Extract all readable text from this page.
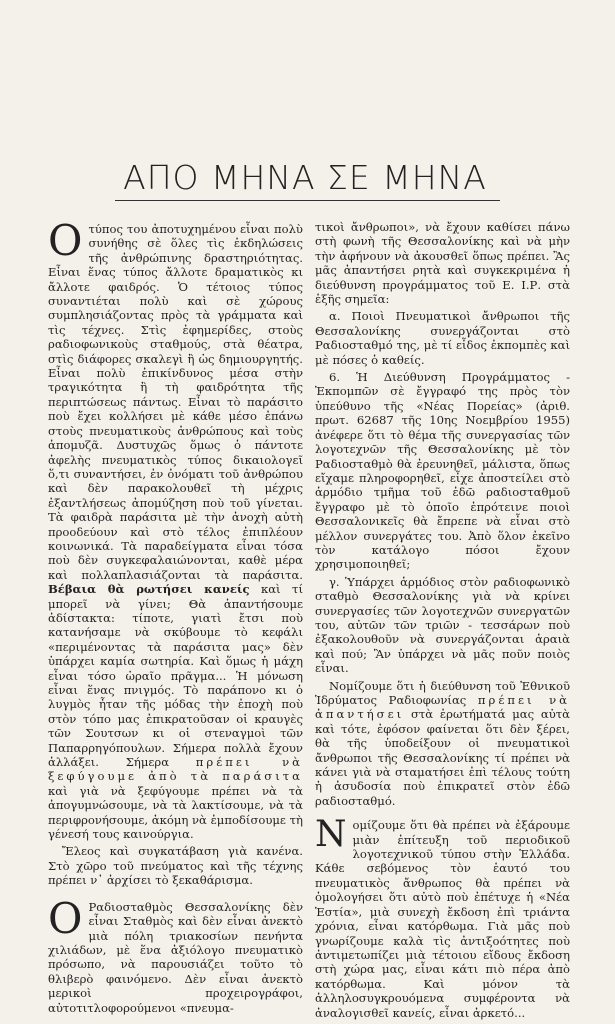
ΑΠΟ ΜΗΝΑ ΣΕ ΜΗΝΑ

Ο τύπος του ἀποτυχημένου εἶναι πολὺ συνήθης σὲ ὅλες τὶς ἐκδηλώσεις τῆς ἀνθρώπινης δραστηριότητας. Εἶναι ἕνας τύπος ἄλλοτε δραματικὸς κι ἄλλοτε φαιδρός. Ὁ τέτοιος τύπος συναντιέται πολὺ καὶ σὲ χώρους συμπλησιάζοντας πρὸς τὰ γράμματα καὶ τὶς τέχνες. Στὶς ἐφημερίδες, στοὺς ραδιοφωνικοὺς σταθμούς, στὰ θέατρα, στὶς διάφορες σκαλεγὶ ἢ ὡς δημιουργητής. Εἶναι πολὺ ἐπικίνδυνος μέσα στὴν τραγικότητα ἢ τὴ φαιδρότητα τῆς περιπτώσεως πάντως. Εἶναι τὸ παράσιτο ποὺ ἔχει κολλήσει μὲ κάθε μέσο ἐπάνω στοὺς πνευματικοὺς ἀνθρώπους καὶ τοὺς ἀπομυζᾶ. Δυστυχῶς ὅμως ὁ πάντοτε ἀφελὴς πνευματικὸς τύπος δικαιολογεῖ ὅ,τι συναντήσει, ἐν ὀνόματι τοῦ ἀνθρώπου καὶ δὲν παρακολουθεῖ τὴ μέχρις ἐξαντλήσεως ἀπομύζηση ποὺ τοῦ γίνεται. Τὰ φαιδρὰ παράσιτα μὲ τὴν ἀνοχὴ αὐτὴ προοδεύουν καὶ στὸ τέλος ἐπιπλέουν κοινωνικά. Τὰ παραδείγματα εἶναι τόσα ποὺ δὲν συγκεφαλαιώνονται, καθὲ μέρα καὶ πολλαπλασιάζονται τὰ παράσιτα. Βέβαια θὰ ρωτήσει κανείς καὶ τί μπορεῖ νὰ γίνει; Θὰ ἀπαντήσουμε ἀδίστακτα: τίποτε, γιατὶ ἔτσι ποὺ κατανήσαμε νὰ σκύβουμε τὸ κεφάλι «περιμένοντας τὰ παράσιτα μας» δὲν ὑπάρχει καμία σωτηρία. Καὶ ὅμως ἡ μάχη εἶναι τόσο ὡραῖο πρᾶγμα... Ἡ μόνωση εἶναι ἕνας πνιγμός. Τὸ παράπονο κι ὁ λυγμὸς ἦταν τῆς μόδας τὴν ἐποχὴ ποὺ στὸν τόπο μας ἐπικρατοῦσαν οἱ κραυγὲς τῶν Σουτσων κι οἱ στεναγμοὶ τῶν Παπαρρηγόπουλων. Σήμερα πολλὰ ἔχουν ἀλλάξει. Σήμερα πρέπει νὰ ξεφύγουμε ἀπὸ τὰ παράσιτα καὶ γιὰ νὰ ξεφύγουμε πρέπει νὰ τὰ ἀπογυμνώσουμε, νὰ τὰ λακτίσουμε, νὰ τὰ περιφρονήσουμε, ἀκόμη νὰ ἐμποδίσουμε τὴ γένεσή τους καινούργια.

Ἔλεος καὶ συγκατάβαση γιὰ κανένα. Στὸ χῶρο τοῦ πνεύματος καὶ τῆς τέχνης πρέπει ν᾽ ἀρχίσει τὸ ξεκαθάρισμα.

Ο Ραδιοσταθμὸς Θεσσαλονίκης δὲν εἶναι Σταθμὸς καὶ δὲν εἶναι ἀνεκτὸ μιὰ πόλη τριακοσίων πενήντα χιλιάδων, μὲ ἕνα ἀξιόλογο πνευματικὸ πρόσωπο, νὰ παρουσιάζει τοῦτο τὸ θλιβερὸ φαινόμενο. Δὲν εἶναι ἀνεκτὸ μερικοὶ προχειρογράφοι, αὐτοτιτλοφορούμενοι «πνευμα-

τικοὶ ἄνθρωποι», νὰ ἔχουν καθίσει πάνω στὴ φωνὴ τῆς Θεσσαλονίκης καὶ νὰ μὴν τὴν ἀφήνουν νὰ ἀκουσθεῖ ὅπως πρέπει. Ἂς μᾶς ἀπαντήσει ρητὰ καὶ συγκεκριμένα ἡ διεύθυνση προγράμματος τοῦ Ε. Ι.Ρ. στὰ ἑξῆς σημεῖα:

α. Ποιοὶ Πνευματικοὶ ἄνθρωποι τῆς Θεσσαλονίκης συνεργάζονται στὸ Ραδιοσταθμό της, μὲ τί εἶδος ἐκπομπὲς καὶ μὲ πόσες ὁ καθείς.

6. Ἡ Διεύθυνση Προγράμματος - Ἐκπομπῶν σὲ ἔγγραφό της πρὸς τὸν ὑπεύθυνο τῆς «Νέας Πορείας» (ἀριθ. πρωτ. 62687 τῆς 10ης Νοεμβρίου 1955) ἀνέφερε ὅτι τὸ θέμα τῆς συνεργασίας τῶν λογοτεχνῶν τῆς Θεσσαλονίκης μὲ τὸν Ραδιοσταθμὸ θὰ ἐρευνηθεῖ, μάλιστα, ὅπως εἴχαμε πληροφορηθεῖ, εἶχε ἀποστείλει στὸ ἁρμόδιο τμῆμα τοῦ ἐδῶ ραδιοσταθμοῦ ἔγγραφο μὲ τὸ ὁποῖο ἐπρότεινε ποιοὶ Θεσσαλονικεῖς θὰ ἔπρεπε νὰ εἶναι στὸ μέλλον συνεργάτες του. Ἀπὸ ὅλον ἐκεῖνο τὸν κατάλογο πόσοι ἔχουν χρησιμοποιηθεῖ;

γ. Ὑπάρχει ἁρμόδιος στὸν ραδιοφωνικὸ σταθμὸ Θεσσαλονίκης γιὰ νὰ κρίνει συνεργασίες τῶν λογοτεχνῶν συνεργατῶν του, αὐτῶν τῶν τριῶν - τεσσάρων ποὺ ἐξακολουθοῦν νὰ συνεργάζονται ἀραιὰ καὶ πού; Ἂν ὑπάρχει νὰ μᾶς ποῦν ποιὸς εἶναι.

Νομίζουμε ὅτι ἡ διεύθυνση τοῦ Ἐθνικοῦ Ἱδρύματος Ραδιοφωνίας πρέπει νὰ ἀπαντήσει στὰ ἐρωτήματά μας αὐτὰ καὶ τότε, ἐφόσον φαίνεται ὅτι δὲν ξέρει, θὰ τῆς ὑποδείξουν οἱ πνευματικοὶ ἄνθρωποι τῆς Θεσσαλονίκης τί πρέπει νὰ κάνει γιὰ νὰ σταματήσει ἐπὶ τέλους τούτη ἡ ἀσυδοσία ποὺ ἐπικρατεῖ στὸν ἐδῶ ραδιοσταθμό.

Ν ομίζουμε ὅτι θὰ πρέπει νὰ ἐξάρουμε μιὰν ἐπίτευξη τοῦ περιοδικοῦ λογοτεχνικοῦ τύπου στὴν Ἑλλάδα. Κάθε σεβόμενος τὸν ἑαυτό του πνευματικὸς ἄνθρωπος θὰ πρέπει νὰ ὁμολογήσει ὅτι αὐτὸ ποὺ ἐπέτυχε ἡ «Νέα Ἑστία», μιὰ συνεχὴ ἔκδοση ἐπὶ τριάντα χρόνια, εἶναι κατόρθωμα. Γιὰ μᾶς ποὺ γνωρίζουμε καλὰ τὶς ἀντιξοότητες ποὺ ἀντιμετωπίζει μιὰ τέτοιου εἴδους ἔκδοση στὴ χώρα μας, εἶναι κάτι πιὸ πέρα ἀπὸ κατόρθωμα. Καὶ μόνον τὰ ἀλληλοσυγκρουόμενα συμφέροντα νὰ ἀναλογισθεῖ κανείς, εἶναι ἀρκετό...
